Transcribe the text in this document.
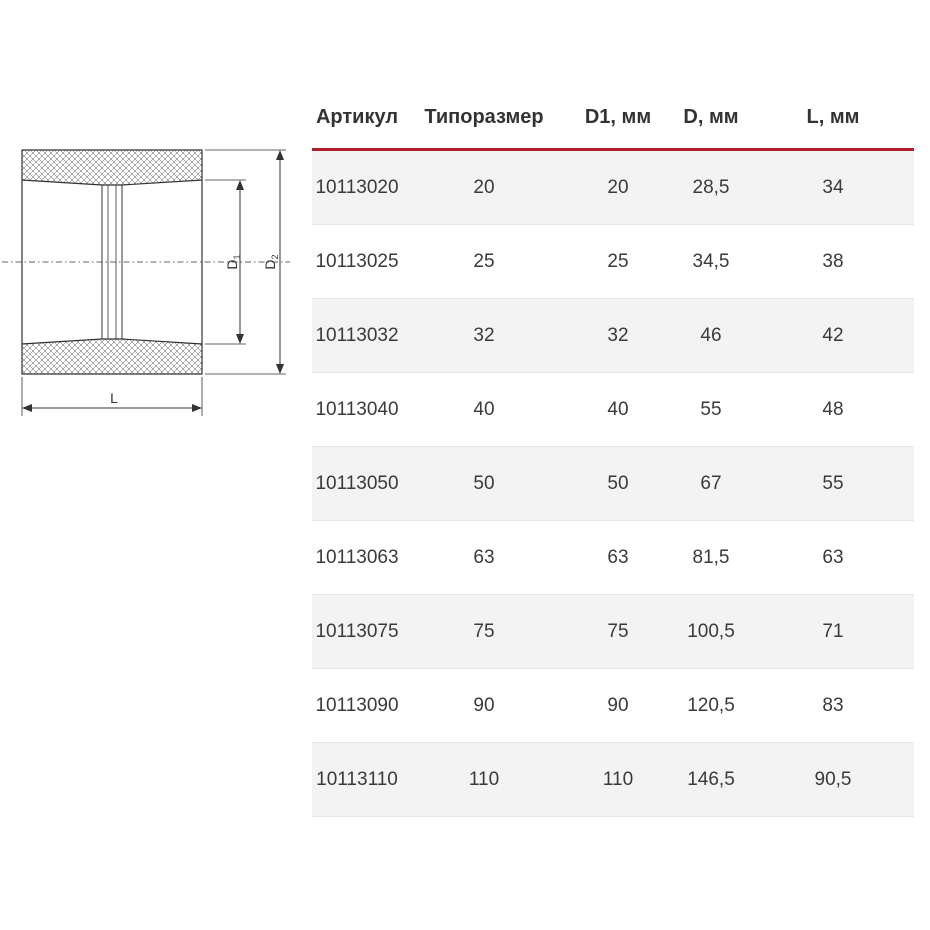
$D_1$
$D_2$
L
Артикул	Типоразмер	D1, мм	D, мм	L, мм
10113020	20	20	28,5	34
10113025	25	25	34,5	38
10113032	32	32	46	42
10113040	40	40	55	48
10113050	50	50	67	55
10113063	63	63	81,5	63
10113075	75	75	100,5	71
10113090	90	90	120,5	83
10113110	110	110	146,5	90,5
